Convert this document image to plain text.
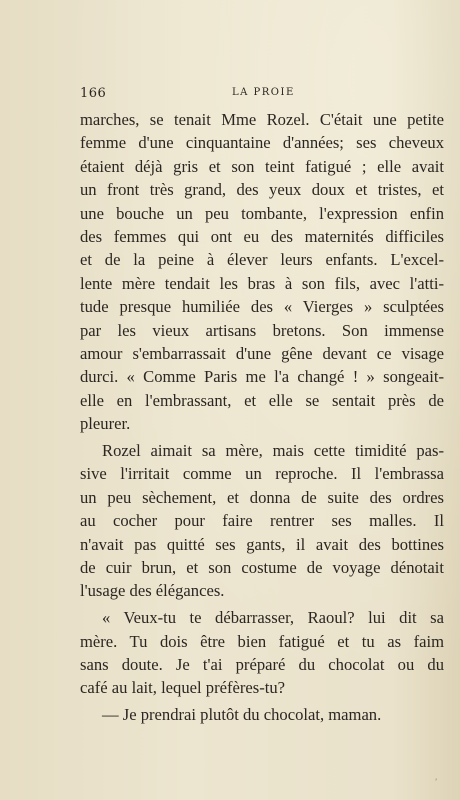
166	LA PROIE
marches, se tenait Mme Rozel. C'était une petite
femme d'une cinquantaine d'années; ses cheveux
étaient déjà gris et son teint fatigué ; elle avait
un front très grand, des yeux doux et tristes, et
une bouche un peu tombante, l'expression enfin
des femmes qui ont eu des maternités difficiles
et de la peine à élever leurs enfants. L'excel-
lente mère tendait les bras à son fils, avec l'atti-
tude presque humiliée des « Vierges » sculptées
par les vieux artisans bretons. Son immense
amour s'embarrassait d'une gêne devant ce visage
durci. « Comme Paris me l'a changé ! » songeait-
elle en l'embrassant, et elle se sentait près de
pleurer.
Rozel aimait sa mère, mais cette timidité pas-
sive l'irritait comme un reproche. Il l'embrassa
un peu sèchement, et donna de suite des ordres
au cocher pour faire rentrer ses malles. Il
n'avait pas quitté ses gants, il avait des bottines
de cuir brun, et son costume de voyage dénotait
l'usage des élégances.
« Veux-tu te débarrasser, Raoul? lui dit sa
mère. Tu dois être bien fatigué et tu as faim
sans doute. Je t'ai préparé du chocolat ou du
café au lait, lequel préfères-tu?
— Je prendrai plutôt du chocolat, maman.
ʹ
